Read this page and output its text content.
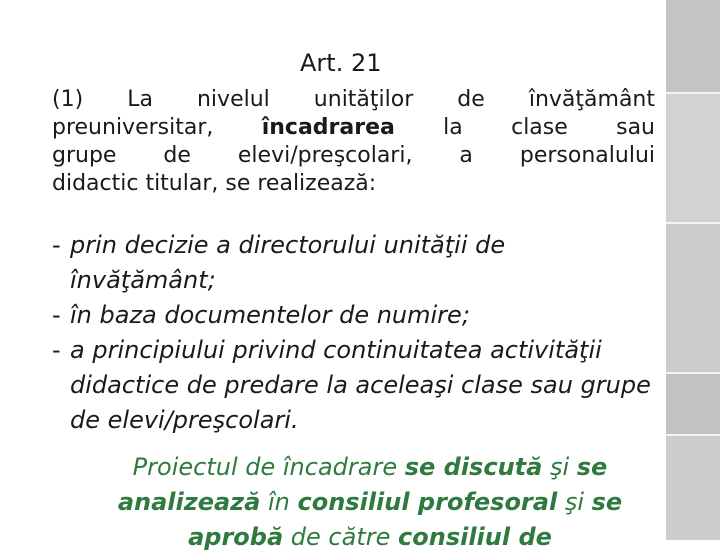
Art. 21
(1) La nivelul unităţilor de învăţământ
preuniversitar, încadrarea la clase sau
grupe de elevi/preşcolari, a personalului
didactic titular, se realizează:
- prin decizie a directorului unităţii de învăţământ;
- în baza documentelor de numire;
- a principiului privind continuitatea activităţii didactice de predare la aceleaşi clase sau grupe de elevi/preşcolari.
Proiectul de încadrare se discută şi se
analizează în consiliul profesoral şi se
aprobă de către consiliul de
